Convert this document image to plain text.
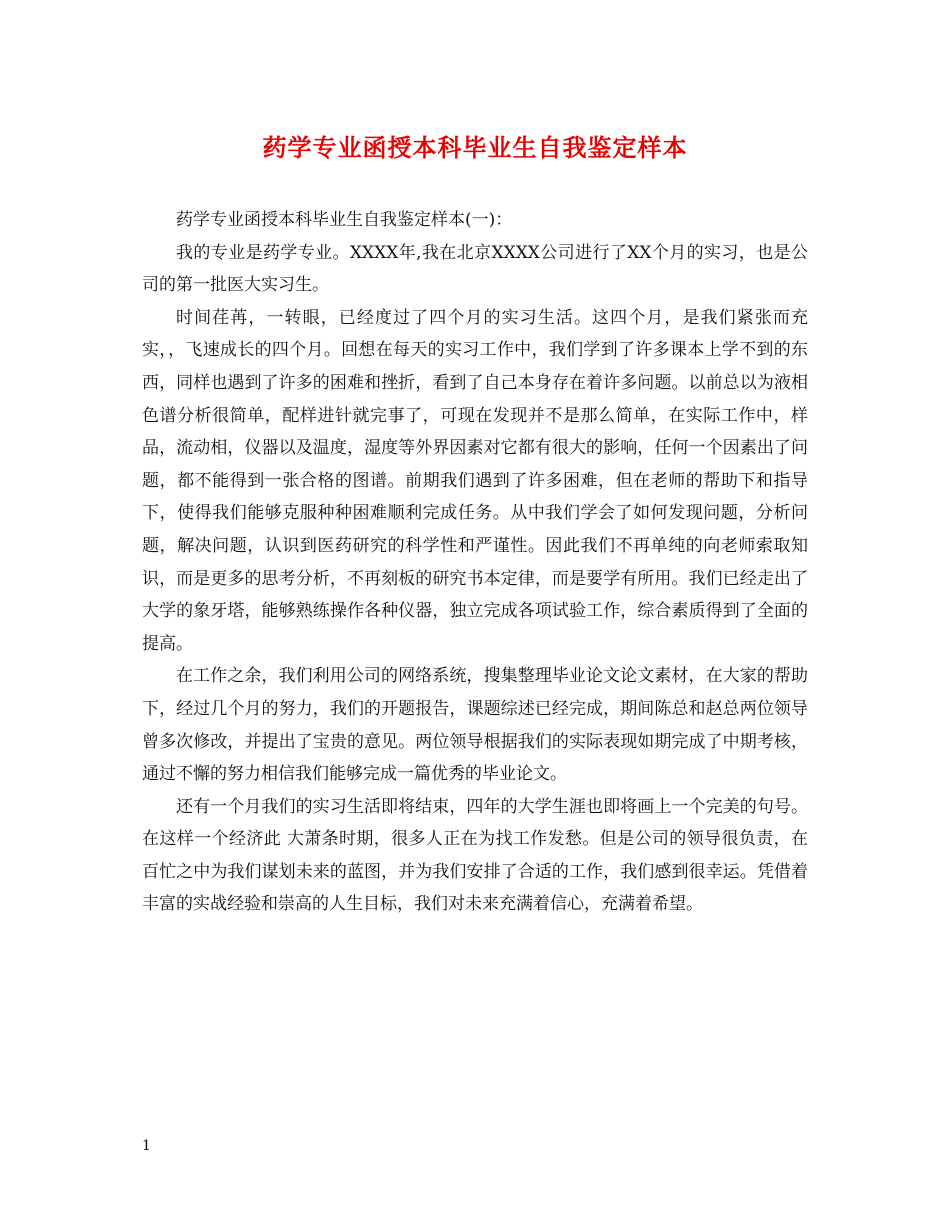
药学专业函授本科毕业生自我鉴定样本

药学专业函授本科毕业生自我鉴定样本(一)：

我的专业是药学专业。XXXX年,我在北京XXXX公司进行了XX个月的实习，也是公司的第一批医大实习生。

时间荏苒，一转眼，已经度过了四个月的实习生活。这四个月，是我们紧张而充实，，飞速成长的四个月。回想在每天的实习工作中，我们学到了许多课本上学不到的东西，同样也遇到了许多的困难和挫折，看到了自己本身存在着许多问题。以前总以为液相色谱分析很简单，配样进针就完事了，可现在发现并不是那么简单，在实际工作中，样品，流动相，仪器以及温度，湿度等外界因素对它都有很大的影响，任何一个因素出了问题，都不能得到一张合格的图谱。前期我们遇到了许多困难，但在老师的帮助下和指导下，使得我们能够克服种种困难顺利完成任务。从中我们学会了如何发现问题，分析问题，解决问题，认识到医药研究的科学性和严谨性。因此我们不再单纯的向老师索取知识，而是更多的思考分析，不再刻板的研究书本定律，而是要学有所用。我们已经走出了大学的象牙塔，能够熟练操作各种仪器，独立完成各项试验工作，综合素质得到了全面的提高。

在工作之余，我们利用公司的网络系统，搜集整理毕业论文论文素材，在大家的帮助下，经过几个月的努力，我们的开题报告，课题综述已经完成，期间陈总和赵总两位领导曾多次修改，并提出了宝贵的意见。两位领导根据我们的实际表现如期完成了中期考核，通过不懈的努力相信我们能够完成一篇优秀的毕业论文。

还有一个月我们的实习生活即将结束，四年的大学生涯也即将画上一个完美的句号。在这样一个经济此 大萧条时期，很多人正在为找工作发愁。但是公司的领导很负责，在百忙之中为我们谋划未来的蓝图，并为我们安排了合适的工作，我们感到很幸运。凭借着丰富的实战经验和崇高的人生目标，我们对未来充满着信心，充满着希望。

1
